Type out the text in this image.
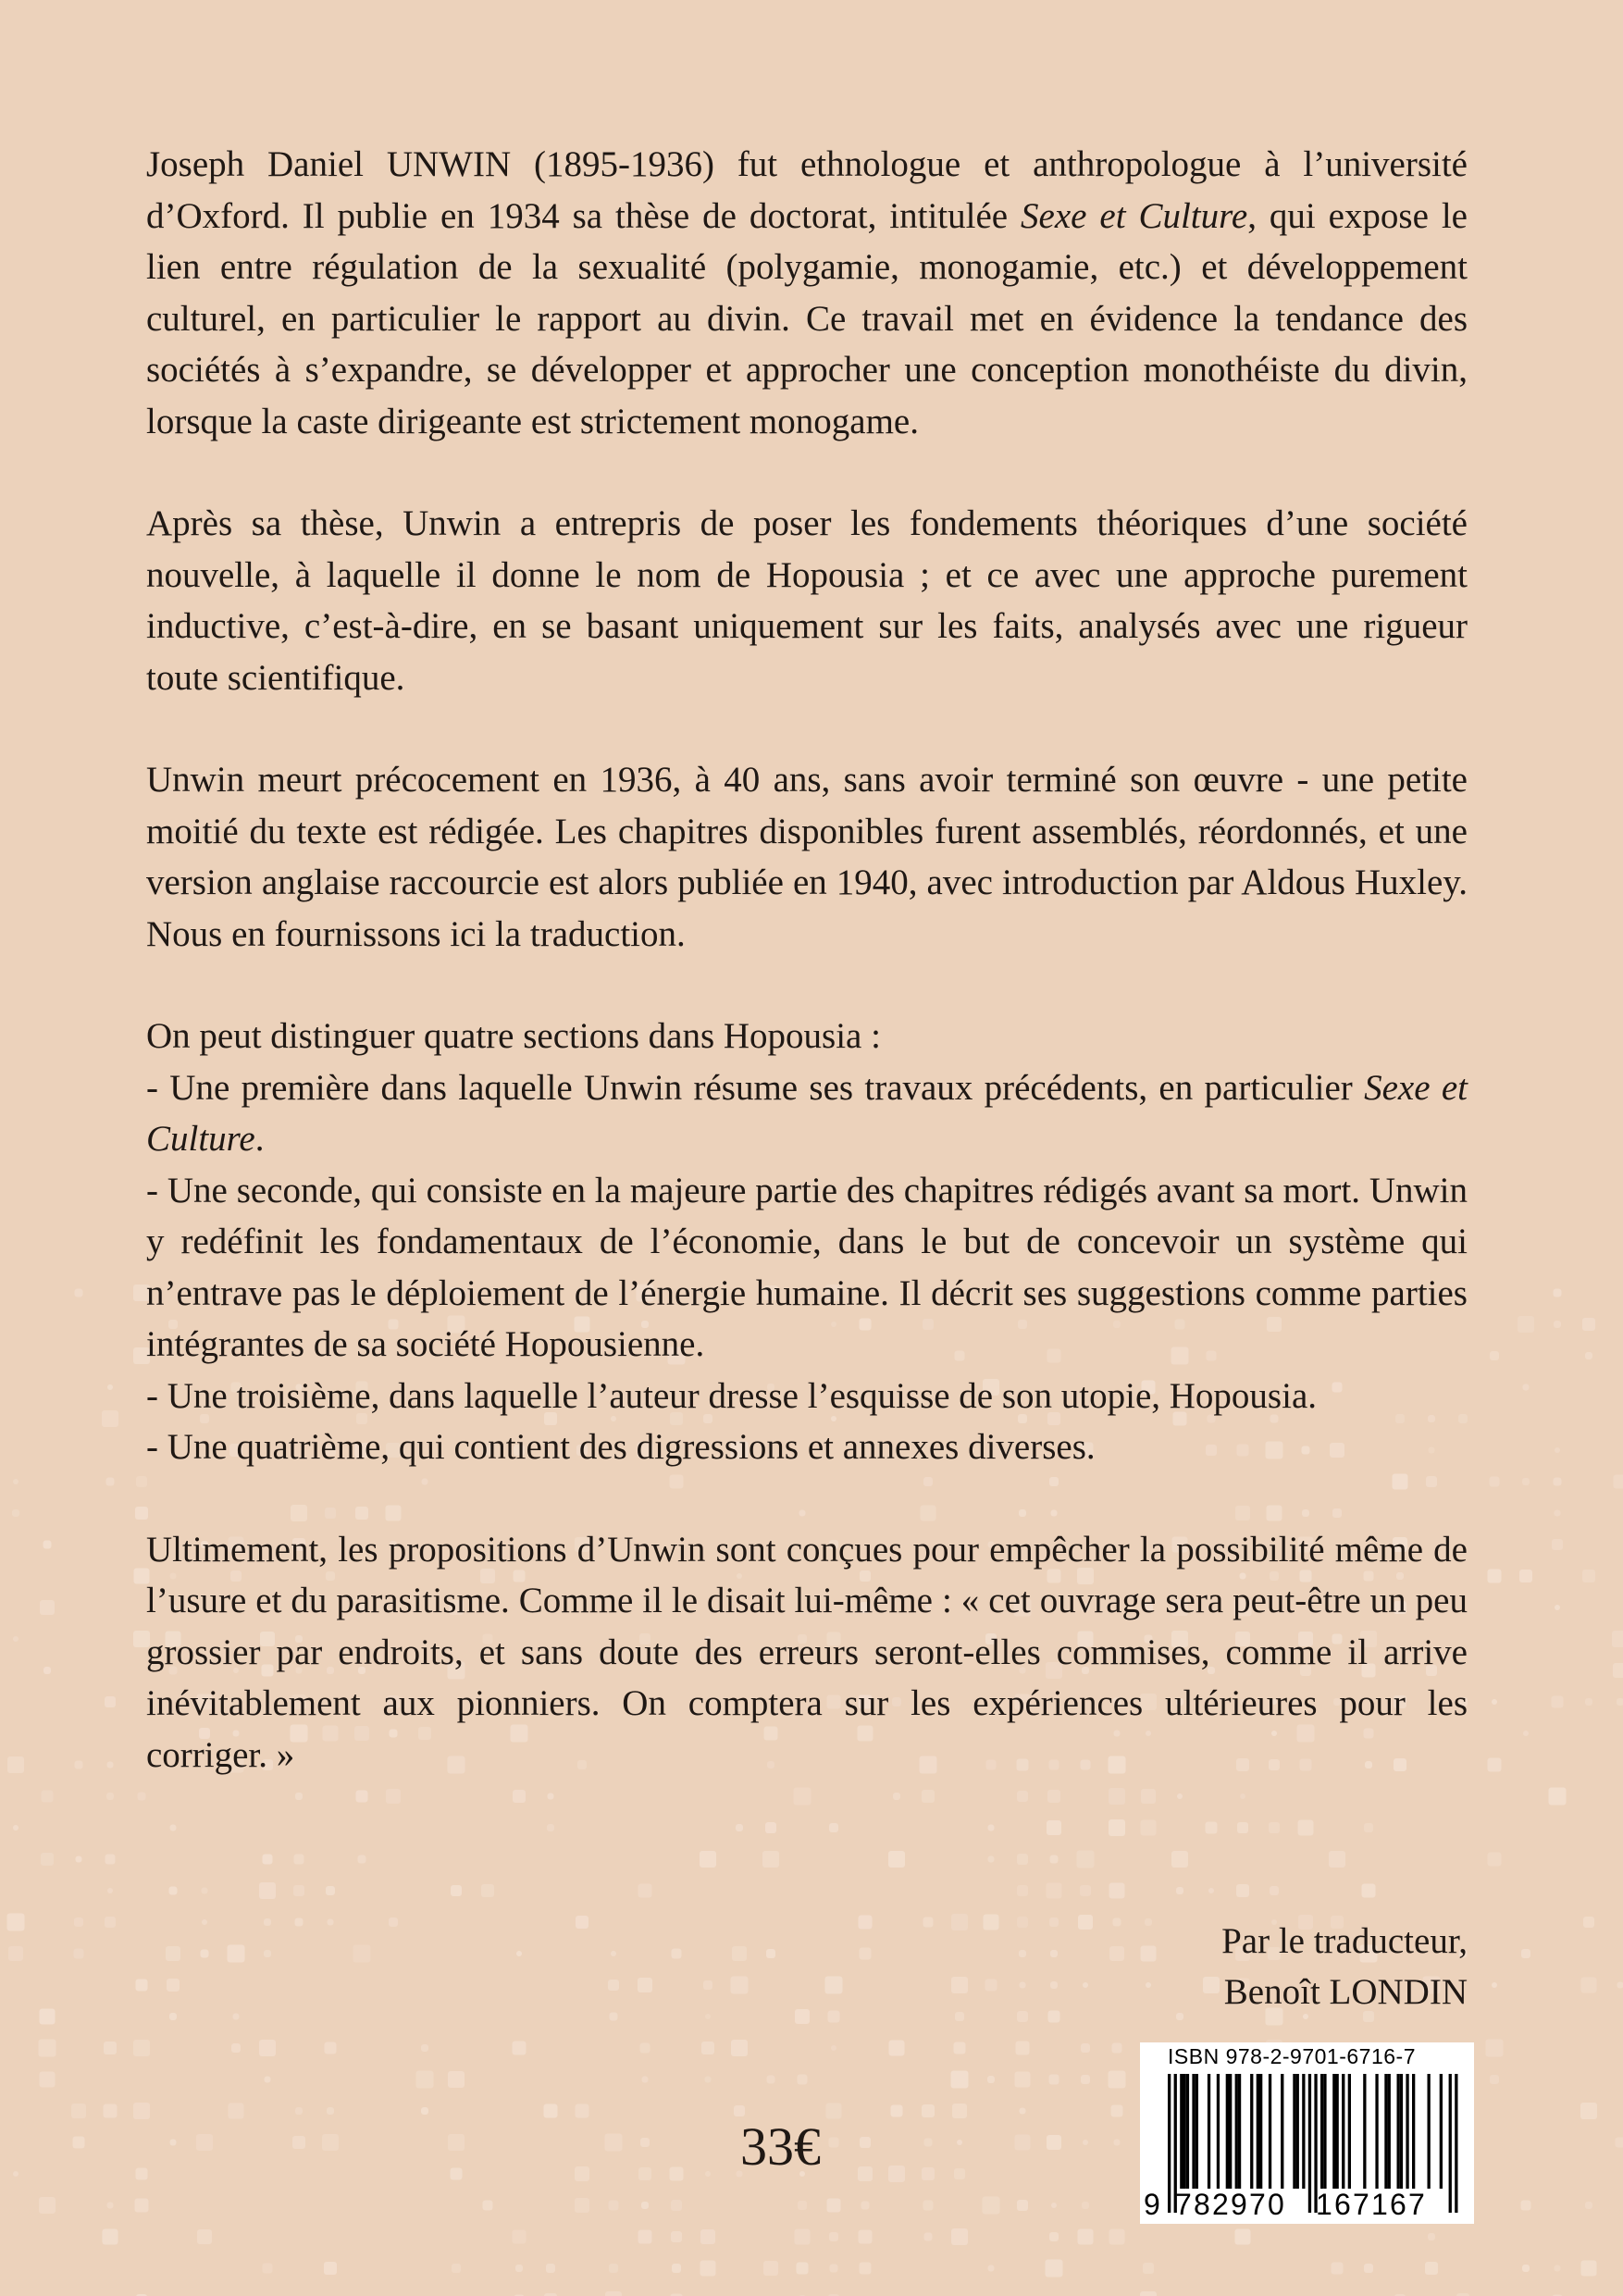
Joseph Daniel UNWIN (1895-1936) fut ethnologue et anthropologue à l’université d’Oxford. Il publie en 1934 sa thèse de doctorat, intitulée Sexe et Culture, qui expose le lien entre régulation de la sexualité (polygamie, monogamie, etc.) et développement culturel, en particulier le rapport au divin. Ce travail met en évidence la tendance des sociétés à s’expandre, se développer et approcher une conception monothéiste du divin, lorsque la caste dirigeante est strictement monogame.

Après sa thèse, Unwin a entrepris de poser les fondements théoriques d’une société nouvelle, à laquelle il donne le nom de Hopousia ; et ce avec une approche purement inductive, c’est-à-dire, en se basant uniquement sur les faits, analysés avec une rigueur toute scientifique.

Unwin meurt précocement en 1936, à 40 ans, sans avoir terminé son œuvre - une petite moitié du texte est rédigée. Les chapitres disponibles furent assemblés, réordonnés, et une version anglaise raccourcie est alors publiée en 1940, avec introduction par Aldous Huxley. Nous en fournissons ici la traduction.

On peut distinguer quatre sections dans Hopousia :
- Une première dans laquelle Unwin résume ses travaux précédents, en particulier Sexe et Culture.
- Une seconde, qui consiste en la majeure partie des chapitres rédigés avant sa mort. Unwin y redéfinit les fondamentaux de l’économie, dans le but de concevoir un système qui n’entrave pas le déploiement de l’énergie humaine. Il décrit ses suggestions comme parties intégrantes de sa société Hopousienne.
- Une troisième, dans laquelle l’auteur dresse l’esquisse de son utopie, Hopousia.
- Une quatrième, qui contient des digressions et annexes diverses.

Ultimement, les propositions d’Unwin sont conçues pour empêcher la possibilité même de l’usure et du parasitisme. Comme il le disait lui-même : « cet ouvrage sera peut-être un peu grossier par endroits, et sans doute des erreurs seront-elles commises, comme il arrive inévitablement aux pionniers. On comptera sur les expériences ultérieures pour les corriger. »

Par le traducteur,
Benoît LONDIN
33€
ISBN 978-2-9701-6716-7
9 782970 167167
